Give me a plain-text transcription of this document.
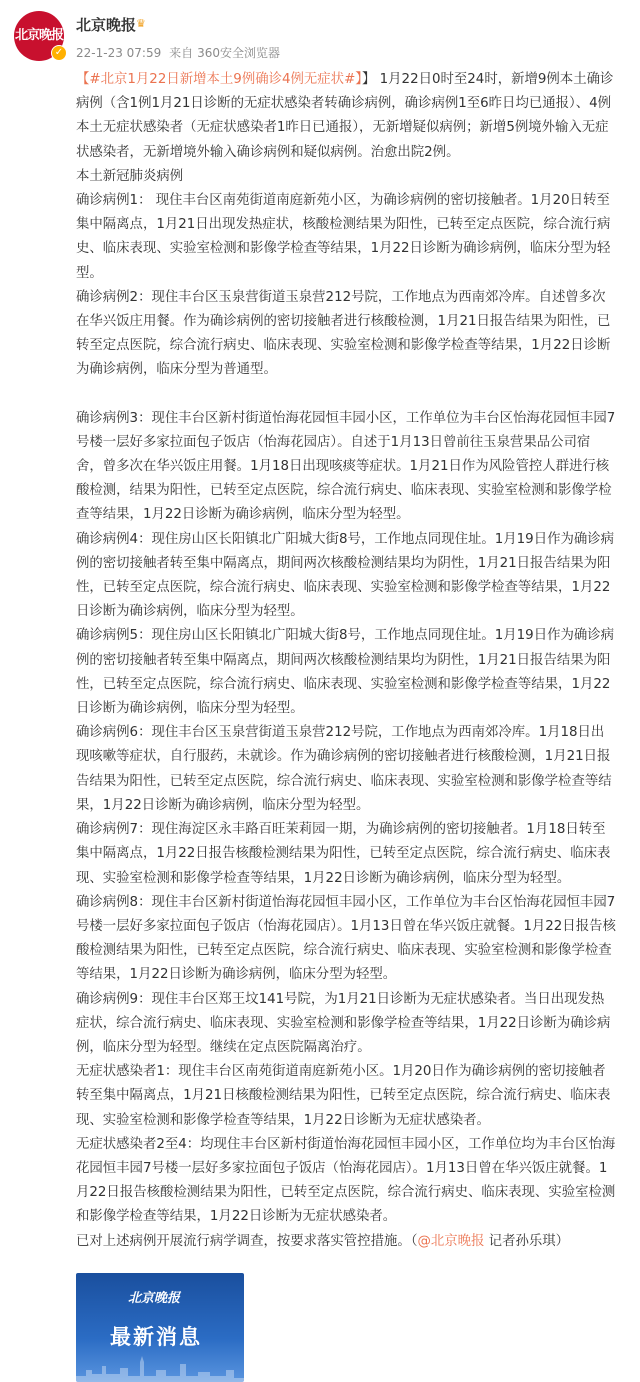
北京晚报
✓
北京晚报 ♛
22-1-23 07:59 来自 360安全浏览器

【#北京1月22日新增本土9例确诊4例无症状#】】 1月22日0时至24时，新增9例本土确诊病例（含1例1月21日诊断的无症状感染者转确诊病例，确诊病例1至6昨日均已通报）、4例本土无症状感染者（无症状感染者1昨日已通报），无新增疑似病例；新增5例境外输入无症状感染者，无新增境外输入确诊病例和疑似病例。治愈出院2例。

本土新冠肺炎病例

确诊病例1： 现住丰台区南苑街道南庭新苑小区，为确诊病例的密切接触者。1月20日转至集中隔离点，1月21日出现发热症状，核酸检测结果为阳性，已转至定点医院，综合流行病史、临床表现、实验室检测和影像学检查等结果，1月22日诊断为确诊病例，临床分型为轻型。

确诊病例2：现住丰台区玉泉营街道玉泉营212号院，工作地点为西南郊冷库。自述曾多次在华兴饭庄用餐。作为确诊病例的密切接触者进行核酸检测，1月21日报告结果为阳性，已转至定点医院，综合流行病史、临床表现、实验室检测和影像学检查等结果，1月22日诊断为确诊病例，临床分型为普通型。

确诊病例3：现住丰台区新村街道怡海花园恒丰园小区，工作单位为丰台区怡海花园恒丰园7号楼一层好多家拉面包子饭店（怡海花园店）。自述于1月13日曾前往玉泉营果品公司宿舍，曾多次在华兴饭庄用餐。1月18日出现咳痰等症状。1月21日作为风险管控人群进行核酸检测，结果为阳性，已转至定点医院，综合流行病史、临床表现、实验室检测和影像学检查等结果，1月22日诊断为确诊病例，临床分型为轻型。

确诊病例4：现住房山区长阳镇北广阳城大街8号，工作地点同现住址。1月19日作为确诊病例的密切接触者转至集中隔离点，期间两次核酸检测结果均为阴性，1月21日报告结果为阳性，已转至定点医院，综合流行病史、临床表现、实验室检测和影像学检查等结果，1月22日诊断为确诊病例，临床分型为轻型。

确诊病例5：现住房山区长阳镇北广阳城大街8号，工作地点同现住址。1月19日作为确诊病例的密切接触者转至集中隔离点，期间两次核酸检测结果均为阴性，1月21日报告结果为阳性，已转至定点医院，综合流行病史、临床表现、实验室检测和影像学检查等结果，1月22日诊断为确诊病例，临床分型为轻型。

确诊病例6：现住丰台区玉泉营街道玉泉营212号院，工作地点为西南郊冷库。1月18日出现咳嗽等症状，自行服药，未就诊。作为确诊病例的密切接触者进行核酸检测，1月21日报告结果为阳性，已转至定点医院，综合流行病史、临床表现、实验室检测和影像学检查等结果，1月22日诊断为确诊病例，临床分型为轻型。

确诊病例7：现住海淀区永丰路百旺茉莉园一期，为确诊病例的密切接触者。1月18日转至集中隔离点，1月22日报告核酸检测结果为阳性，已转至定点医院，综合流行病史、临床表现、实验室检测和影像学检查等结果，1月22日诊断为确诊病例，临床分型为轻型。

确诊病例8：现住丰台区新村街道怡海花园恒丰园小区，工作单位为丰台区怡海花园恒丰园7号楼一层好多家拉面包子饭店（怡海花园店）。1月13日曾在华兴饭庄就餐。1月22日报告核酸检测结果为阳性，已转至定点医院，综合流行病史、临床表现、实验室检测和影像学检查等结果，1月22日诊断为确诊病例，临床分型为轻型。

确诊病例9：现住丰台区郑王坟141号院，为1月21日诊断为无症状感染者。当日出现发热症状，综合流行病史、临床表现、实验室检测和影像学检查等结果，1月22日诊断为确诊病例，临床分型为轻型。继续在定点医院隔离治疗。

无症状感染者1：现住丰台区南苑街道南庭新苑小区。1月20日作为确诊病例的密切接触者转至集中隔离点，1月21日核酸检测结果为阳性，已转至定点医院，综合流行病史、临床表现、实验室检测和影像学检查等结果，1月22日诊断为无症状感染者。

无症状感染者2至4：均现住丰台区新村街道怡海花园恒丰园小区，工作单位均为丰台区怡海花园恒丰园7号楼一层好多家拉面包子饭店（怡海花园店）。1月13日曾在华兴饭庄就餐。1月22日报告核酸检测结果为阳性，已转至定点医院，综合流行病史、临床表现、实验室检测和影像学检查等结果，1月22日诊断为无症状感染者。

已对上述病例开展流行病学调查，按要求落实管控措施。（@北京晚报 记者孙乐琪）

北京晚报
最新消息
